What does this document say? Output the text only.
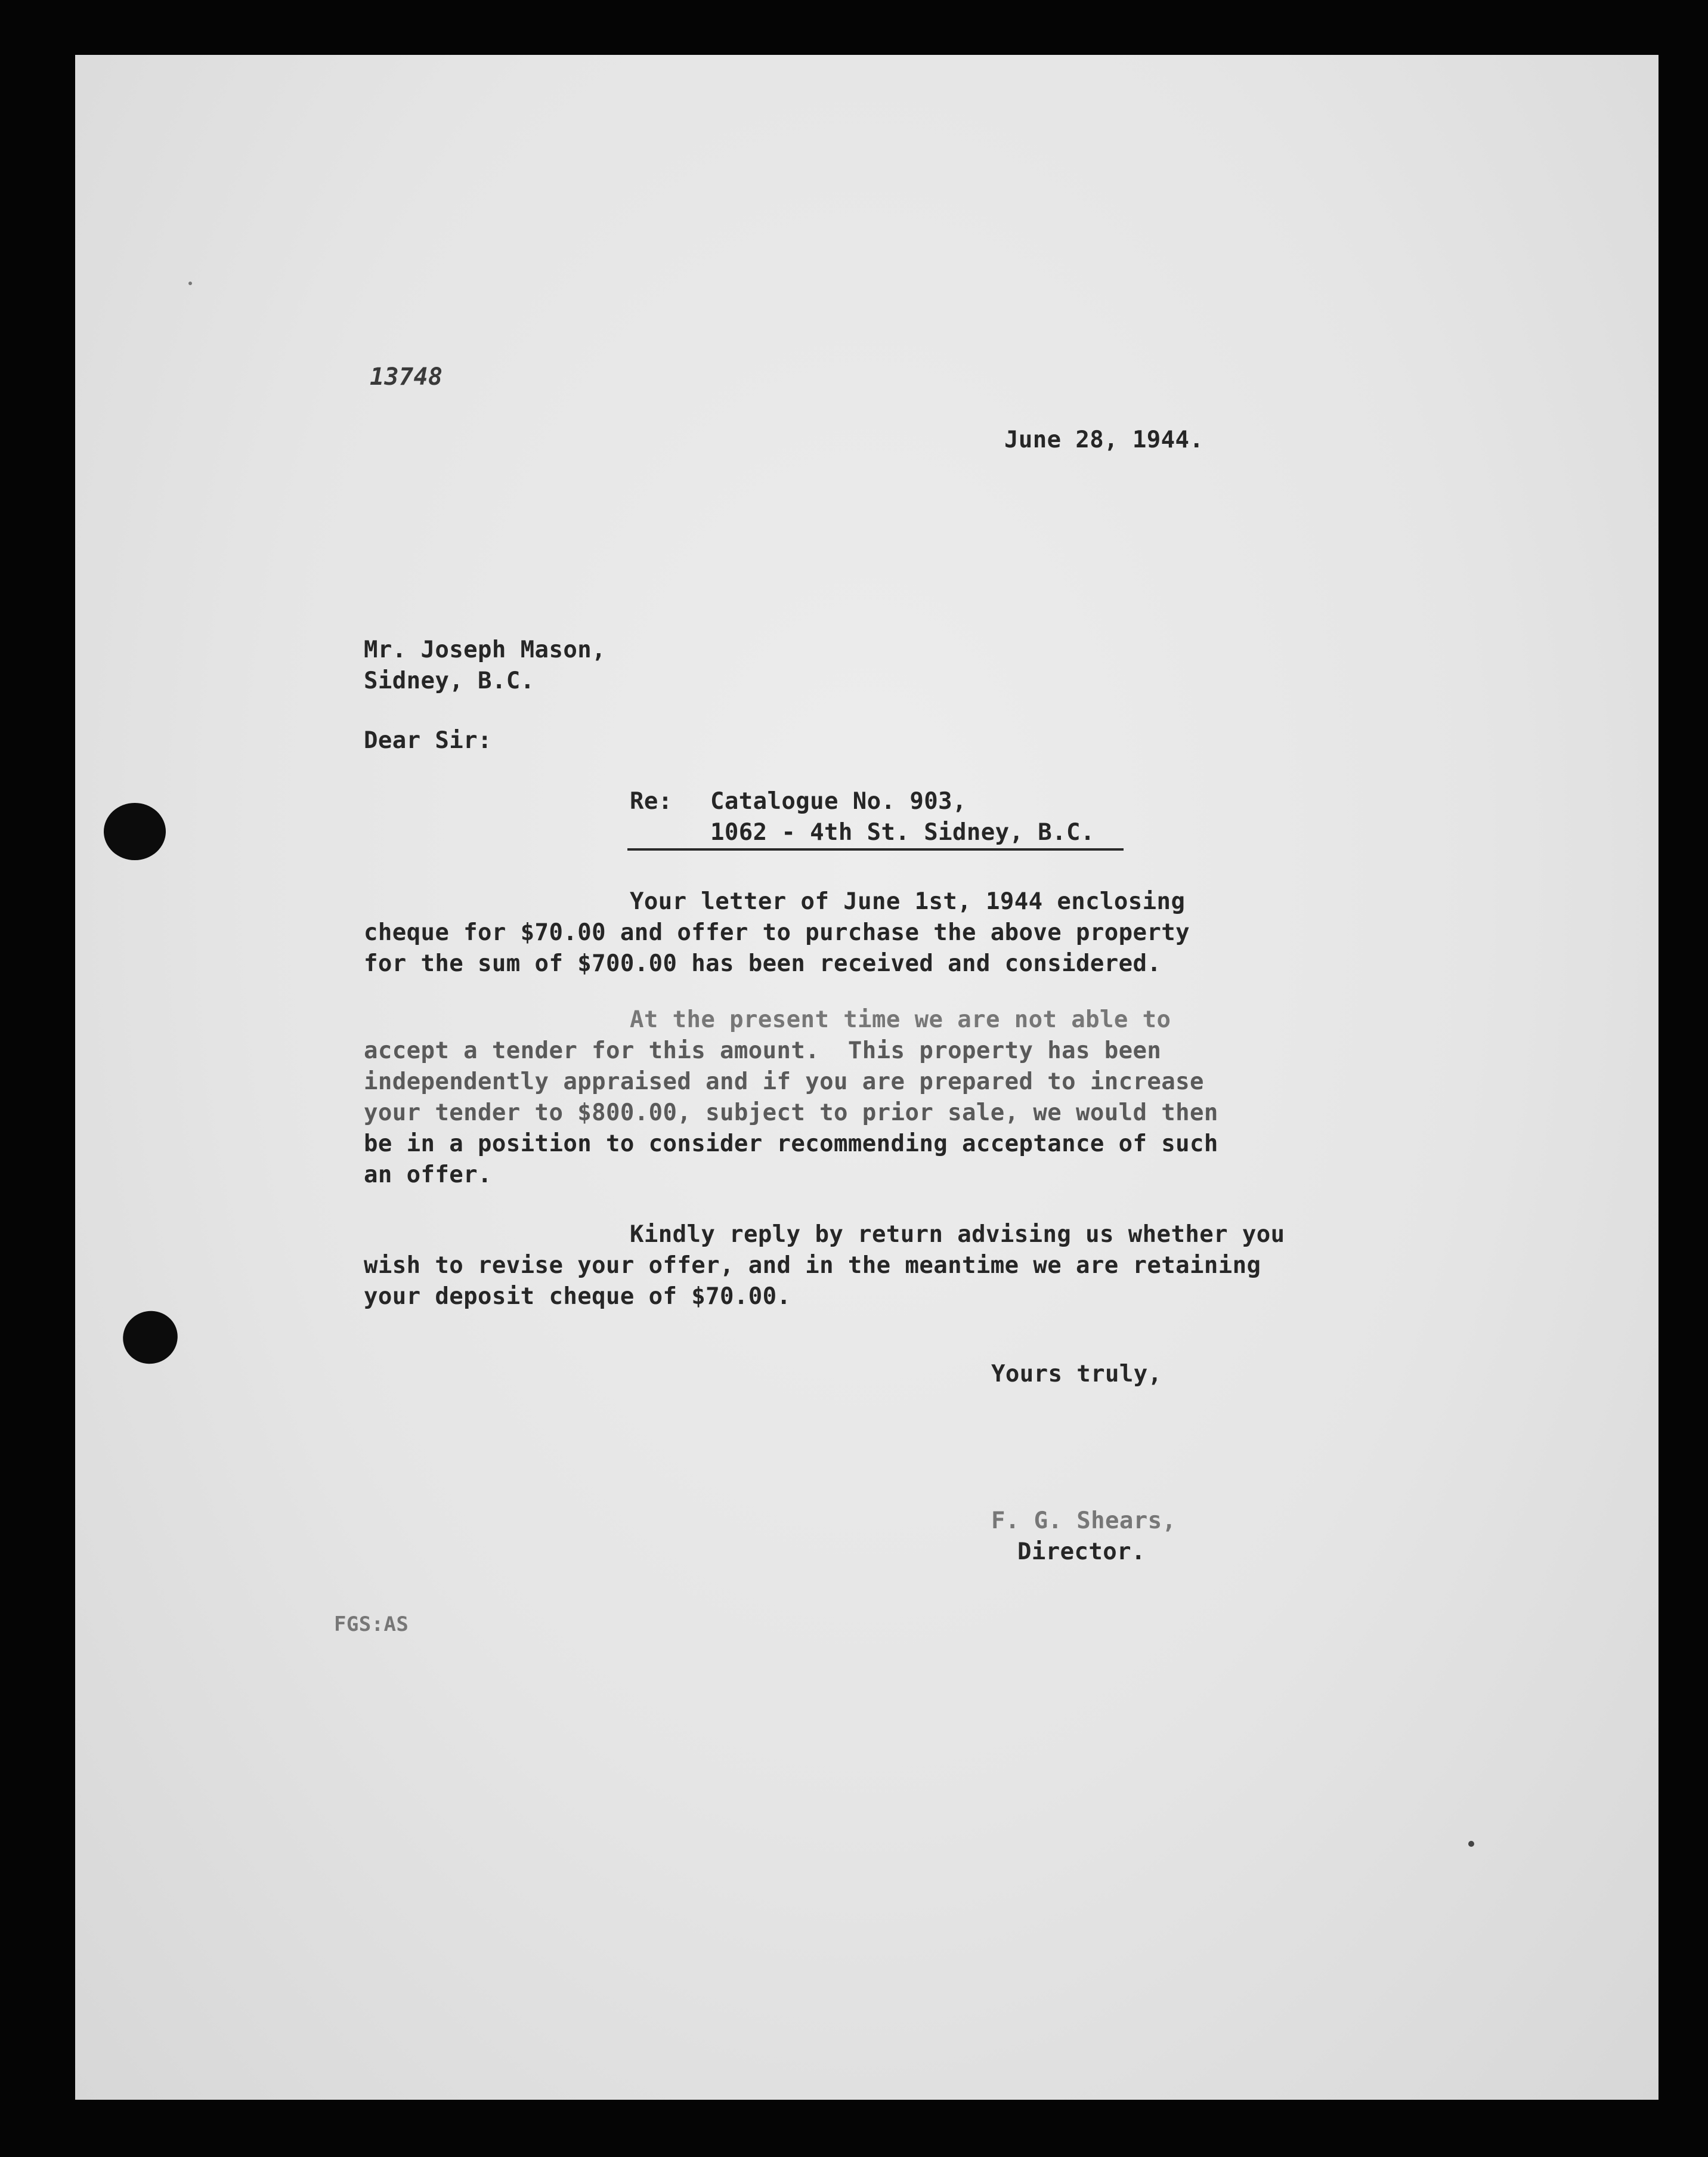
13748
June 28, 1944.
Mr. Joseph Mason,
Sidney, B.C.
Dear Sir:
Re: Catalogue No. 903,
1062 - 4th St. Sidney, B.C.
Your letter of June 1st, 1944 enclosing
cheque for $70.00 and offer to purchase the above property
for the sum of $700.00 has been received and considered.
At the present time we are not able to
accept a tender for this amount.  This property has been
independently appraised and if you are prepared to increase
your tender to $800.00, subject to prior sale, we would then
be in a position to consider recommending acceptance of such
an offer.
Kindly reply by return advising us whether you
wish to revise your offer, and in the meantime we are retaining
your deposit cheque of $70.00.
Yours truly,
F. G. Shears,
Director.
FGS:AS
